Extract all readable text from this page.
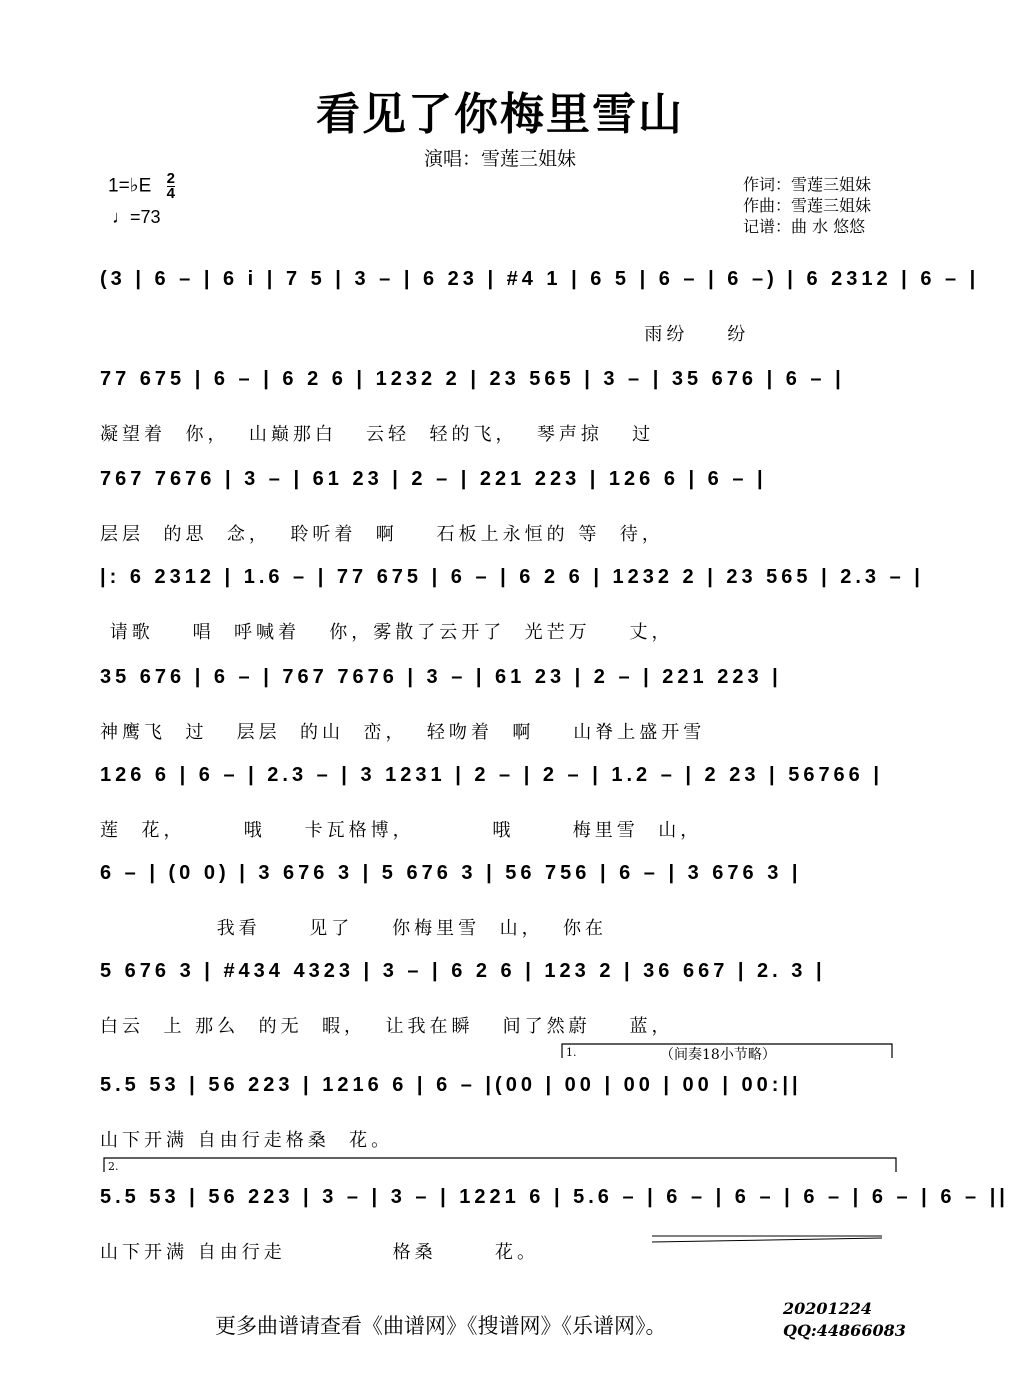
看见了你梅里雪山
演唱：雪莲三姐妹
1=♭E $\frac{2}{4}$
♩=73
作词：雪莲三姐妹
作曲：雪莲三姐妹
记谱：曲 水 悠悠
(3 | 6 – | 6 i | 7 5 | 3 – | 6 23 | #4 1 | 6 5 | 6 – | 6 –) | 6 2312 | 6 – |
雨纷    纷
77 675 | 6 – | 6 2 6 | 1232 2 | 23 565 | 3 – | 35 676 | 6 – |
凝望着  你，  山巅那白   云轻  轻的飞，  琴声掠   过
767 7676 | 3 – | 61 23 | 2 – | 221 223 | 126 6 | 6 – |
层层  的思  念，  聆听着  啊    石板上永恒的 等  待，
|: 6 2312 | 1.6 – | 77 675 | 6 – | 6 2 6 | 1232 2 | 23 565 | 2.3 – |
请歌    唱  呼喊着   你，雾散了云开了  光芒万    丈，
35 676 | 6 – | 767 7676 | 3 – | 61 23 | 2 – | 221 223 |
神鹰飞  过   层层  的山  峦，  轻吻着  啊    山脊上盛开雪
126 6 | 6 – | 2.3 – | 3 1231 | 2 – | 2 – | 1.2 – | 2 23 | 56766 |
莲  花，      哦    卡瓦格博，        哦      梅里雪  山，
6 – | (0 0) | 3 676 3 | 5 676 3 | 56 756 | 6 – | 3 676 3 |
我看     见了    你梅里雪  山，  你在
5 676 3 | #434 4323 | 3 – | 6 2 6 | 123 2 | 36 667 | 2. 3 |
白云  上 那么  的无  暇，  让我在瞬   间了然蔚    蓝，
5.5 53 | 56 223 | 1216 6 | 6 – |(00 | 00 | 00 | 00 | 00:||
山下开满 自由行走格桑  花。
5.5 53 | 56 223 | 3 – | 3 – | 1221 6 | 5.6 – | 6 – | 6 – | 6 – | 6 – | 6 – ||
山下开满 自由行走           格桑      花。
1.
2.
（间奏18小节略）
更多曲谱请查看《曲谱网》《搜谱网》《乐谱网》。
20201224
QQ:44866083
